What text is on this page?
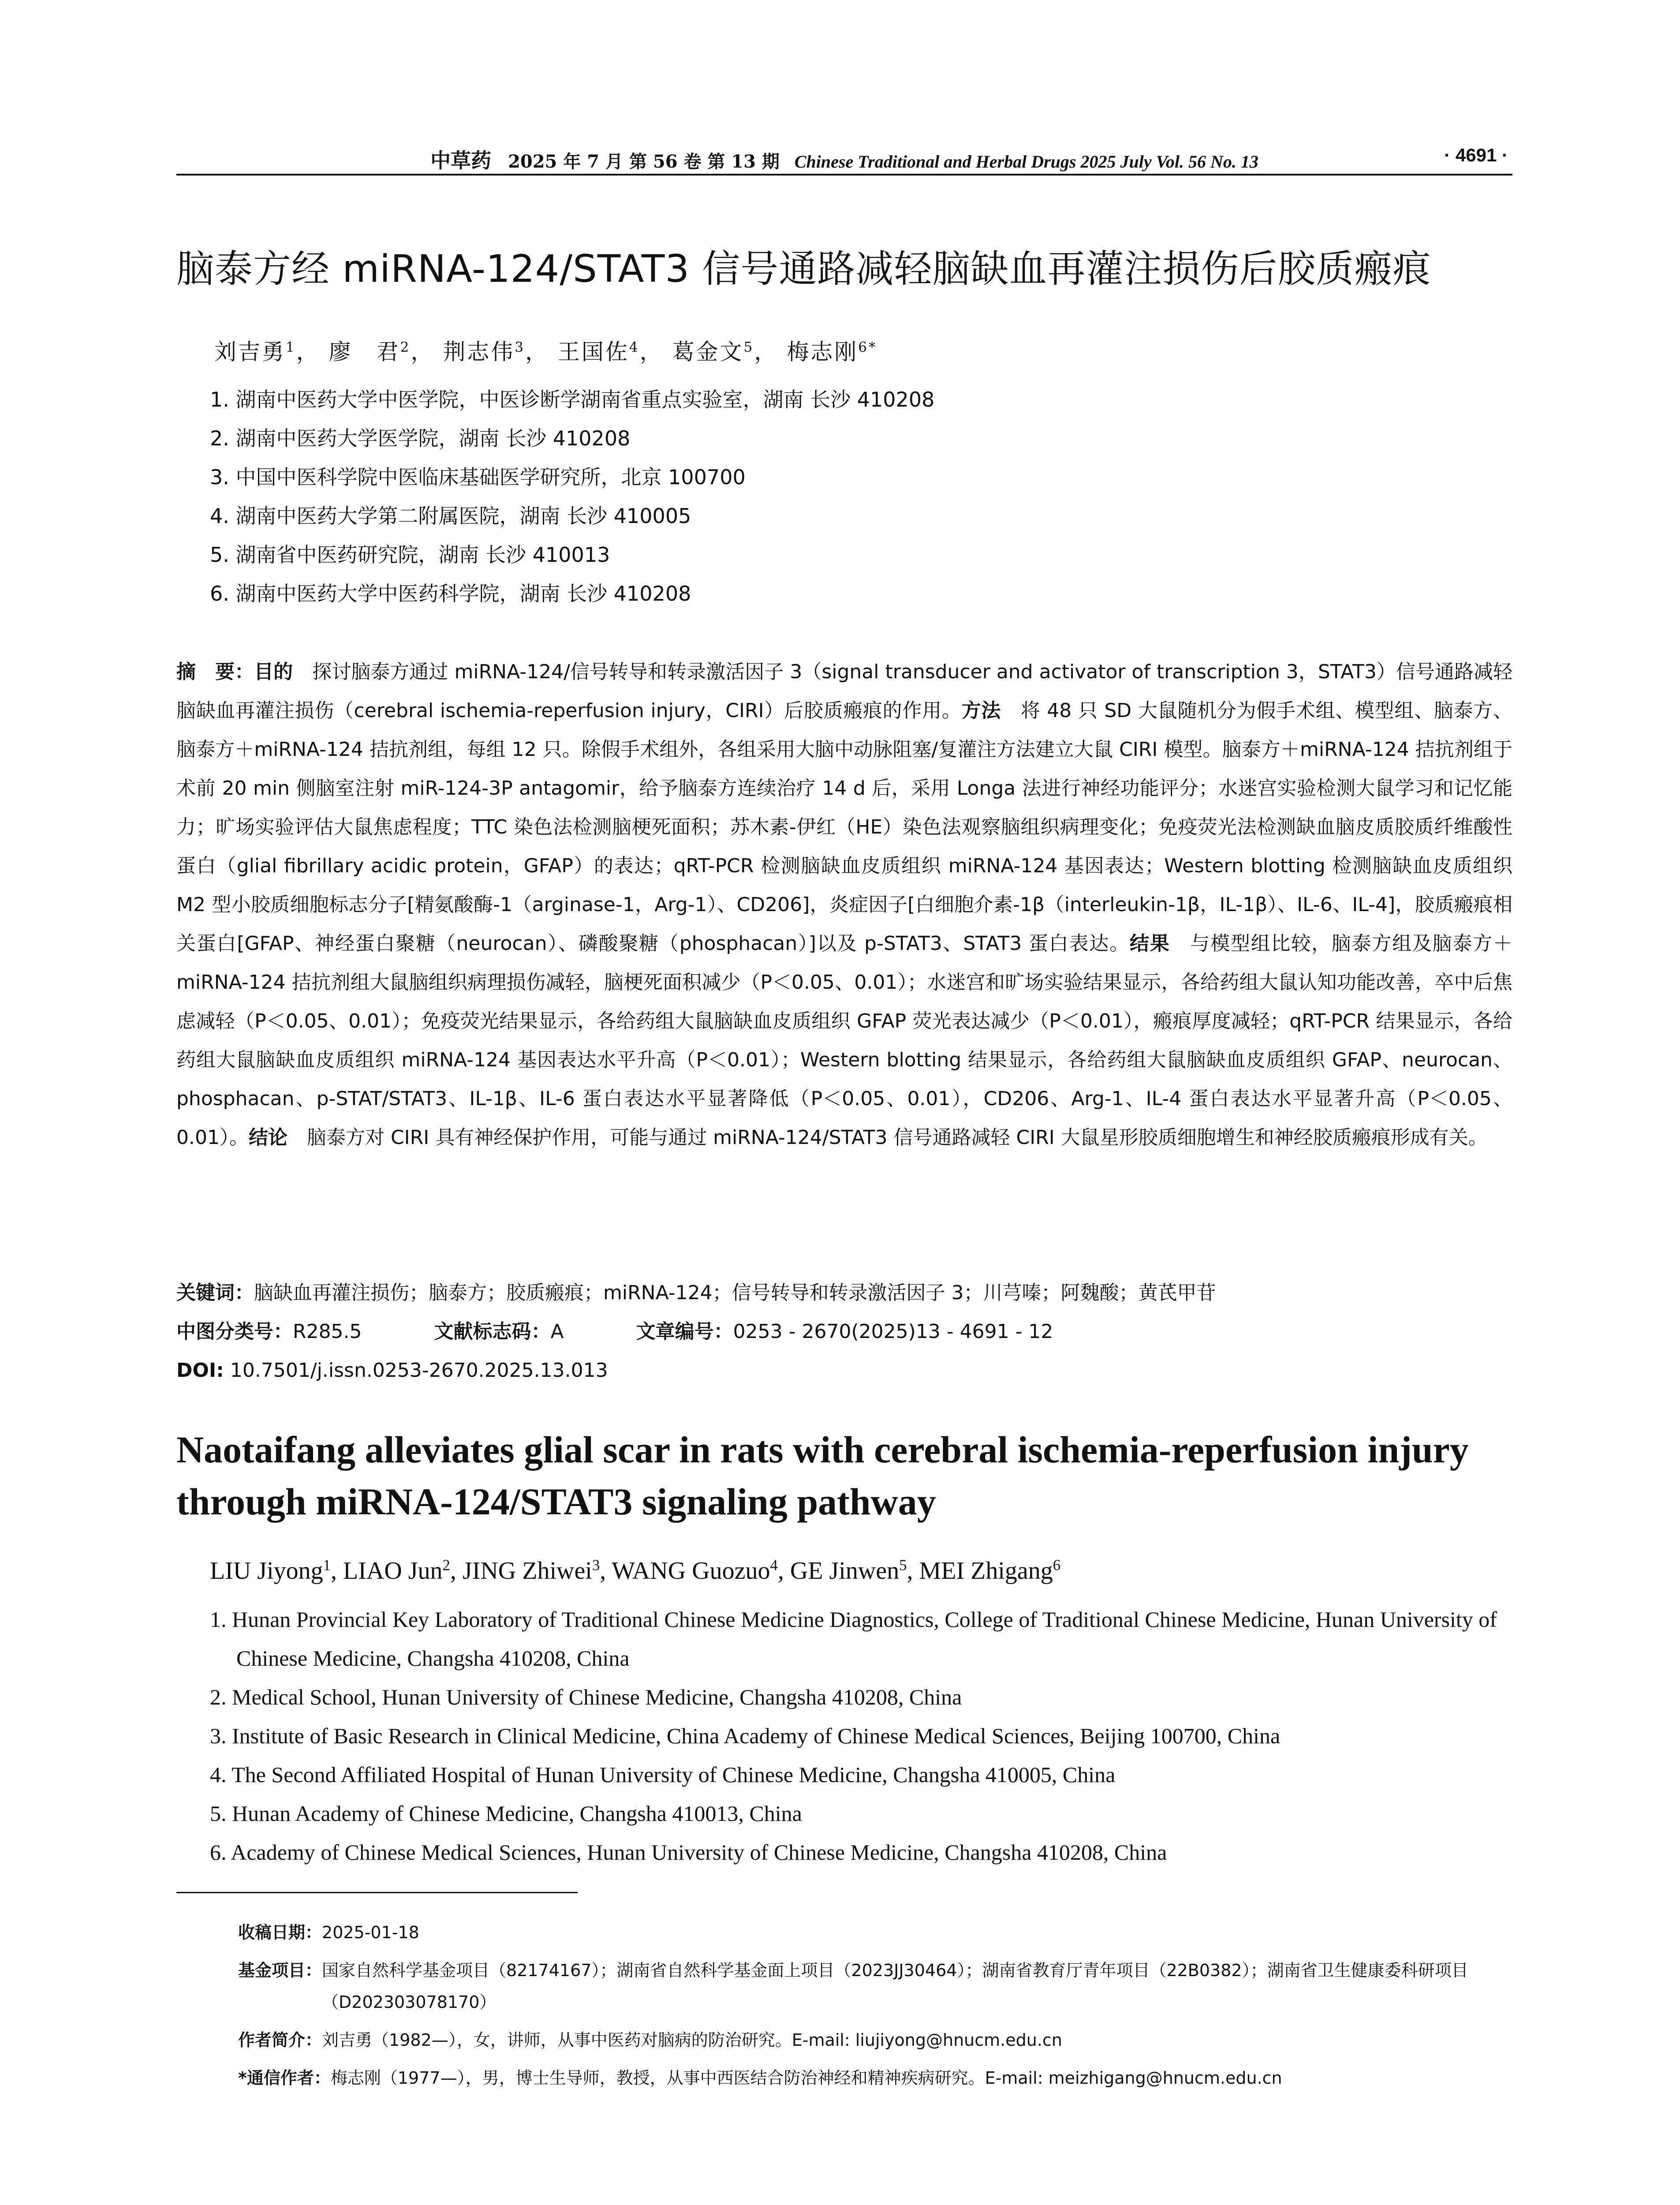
中草药 2025 年 7 月 第 56 卷 第 13 期 Chinese Traditional and Herbal Drugs 2025 July Vol. 56 No. 13	· 4691 ·
脑泰方经 miRNA-124/STAT3 信号通路减轻脑缺血再灌注损伤后胶质瘢痕
刘吉勇$^1$， 廖　君$^2$， 荆志伟$^3$， 王国佐$^4$， 葛金文$^5$， 梅志刚$^{6*}$
1. 湖南中医药大学中医学院，中医诊断学湖南省重点实验室，湖南 长沙 410208
2. 湖南中医药大学医学院，湖南 长沙 410208
3. 中国中医科学院中医临床基础医学研究所，北京 100700
4. 湖南中医药大学第二附属医院，湖南 长沙 410005
5. 湖南省中医药研究院，湖南 长沙 410013
6. 湖南中医药大学中医药科学院，湖南 长沙 410208
摘　要：目的　 探讨脑泰方通过 miRNA-124/信号转导和转录激活因子 3（signal transducer and activator of transcription 3，STAT3）信号通路减轻脑缺血再灌注损伤（cerebral ischemia-reperfusion injury，CIRI）后胶质瘢痕的作用。方法　 将 48 只 SD 大鼠随机分为假手术组、模型组、脑泰方、脑泰方＋miRNA-124 拮抗剂组，每组 12 只。除假手术组外，各组采用大脑中动脉阻塞/复灌注方法建立大鼠 CIRI 模型。脑泰方＋miRNA-124 拮抗剂组于术前 20 min 侧脑室注射 miR-124-3P antagomir，给予脑泰方连续治疗 14 d 后，采用 Longa 法进行神经功能评分；水迷宫实验检测大鼠学习和记忆能力；旷场实验评估大鼠焦虑程度；TTC 染色法检测脑梗死面积；苏木素-伊红（HE）染色法观察脑组织病理变化；免疫荧光法检测缺血脑皮质胶质纤维酸性蛋白（glial fibrillary acidic protein，GFAP）的表达；qRT-PCR 检测脑缺血皮质组织 miRNA-124 基因表达；Western blotting 检测脑缺血皮质组织 M2 型小胶质细胞标志分子[精氨酸酶-1（arginase-1，Arg-1）、CD206]，炎症因子[白细胞介素-1β（interleukin-1β，IL-1β）、IL-6、IL-4]，胶质瘢痕相关蛋白[GFAP、神经蛋白聚糖（neurocan）、磷酸聚糖（phosphacan）]以及 p-STAT3、STAT3 蛋白表达。结果　 与模型组比较，脑泰方组及脑泰方＋miRNA-124 拮抗剂组大鼠脑组织病理损伤减轻，脑梗死面积减少（P＜0.05、0.01）；水迷宫和旷场实验结果显示，各给药组大鼠认知功能改善，卒中后焦虑减轻（P＜0.05、0.01）；免疫荧光结果显示，各给药组大鼠脑缺血皮质组织 GFAP 荧光表达减少（P＜0.01），瘢痕厚度减轻；qRT-PCR 结果显示，各给药组大鼠脑缺血皮质组织 miRNA-124 基因表达水平升高（P＜0.01）；Western blotting 结果显示，各给药组大鼠脑缺血皮质组织 GFAP、neurocan、phosphacan、p-STAT/STAT3、IL-1β、IL-6 蛋白表达水平显著降低（P＜0.05、0.01），CD206、Arg-1、IL-4 蛋白表达水平显著升高（P＜0.05、0.01）。结论　 脑泰方对 CIRI 具有神经保护作用，可能与通过 miRNA-124/STAT3 信号通路减轻 CIRI 大鼠星形胶质细胞增生和神经胶质瘢痕形成有关。
关键词：脑缺血再灌注损伤；脑泰方；胶质瘢痕；miRNA-124；信号转导和转录激活因子 3；川芎嗪；阿魏酸；黄芪甲苷
中图分类号：R285.5	文献标志码：A	文章编号：0253 - 2670(2025)13 - 4691 - 12
DOI: 10.7501/j.issn.0253-2670.2025.13.013
Naotaifang alleviates glial scar in rats with cerebral ischemia-reperfusion injury through miRNA-124/STAT3 signaling pathway
LIU Jiyong$^1$, LIAO Jun$^2$, JING Zhiwei$^3$, WANG Guozuo$^4$, GE Jinwen$^5$, MEI Zhigang$^6$
1. Hunan Provincial Key Laboratory of Traditional Chinese Medicine Diagnostics, College of Traditional Chinese Medicine, Hunan University of Chinese Medicine, Changsha 410208, China
2. Medical School, Hunan University of Chinese Medicine, Changsha 410208, China
3. Institute of Basic Research in Clinical Medicine, China Academy of Chinese Medical Sciences, Beijing 100700, China
4. The Second Affiliated Hospital of Hunan University of Chinese Medicine, Changsha 410005, China
5. Hunan Academy of Chinese Medicine, Changsha 410013, China
6. Academy of Chinese Medical Sciences, Hunan University of Chinese Medicine, Changsha 410208, China
收稿日期： 2025-01-18
基金项目： 国家自然科学基金项目（82174167）；湖南省自然科学基金面上项目（2023JJ30464）；湖南省教育厅青年项目（22B0382）；湖南省卫生健康委科研项目（D202303078170）
作者简介： 刘吉勇（1982—），女，讲师，从事中医药对脑病的防治研究。E-mail: liujiyong@hnucm.edu.cn
*通信作者： 梅志刚（1977—），男，博士生导师，教授，从事中西医结合防治神经和精神疾病研究。E-mail: meizhigang@hnucm.edu.cn
